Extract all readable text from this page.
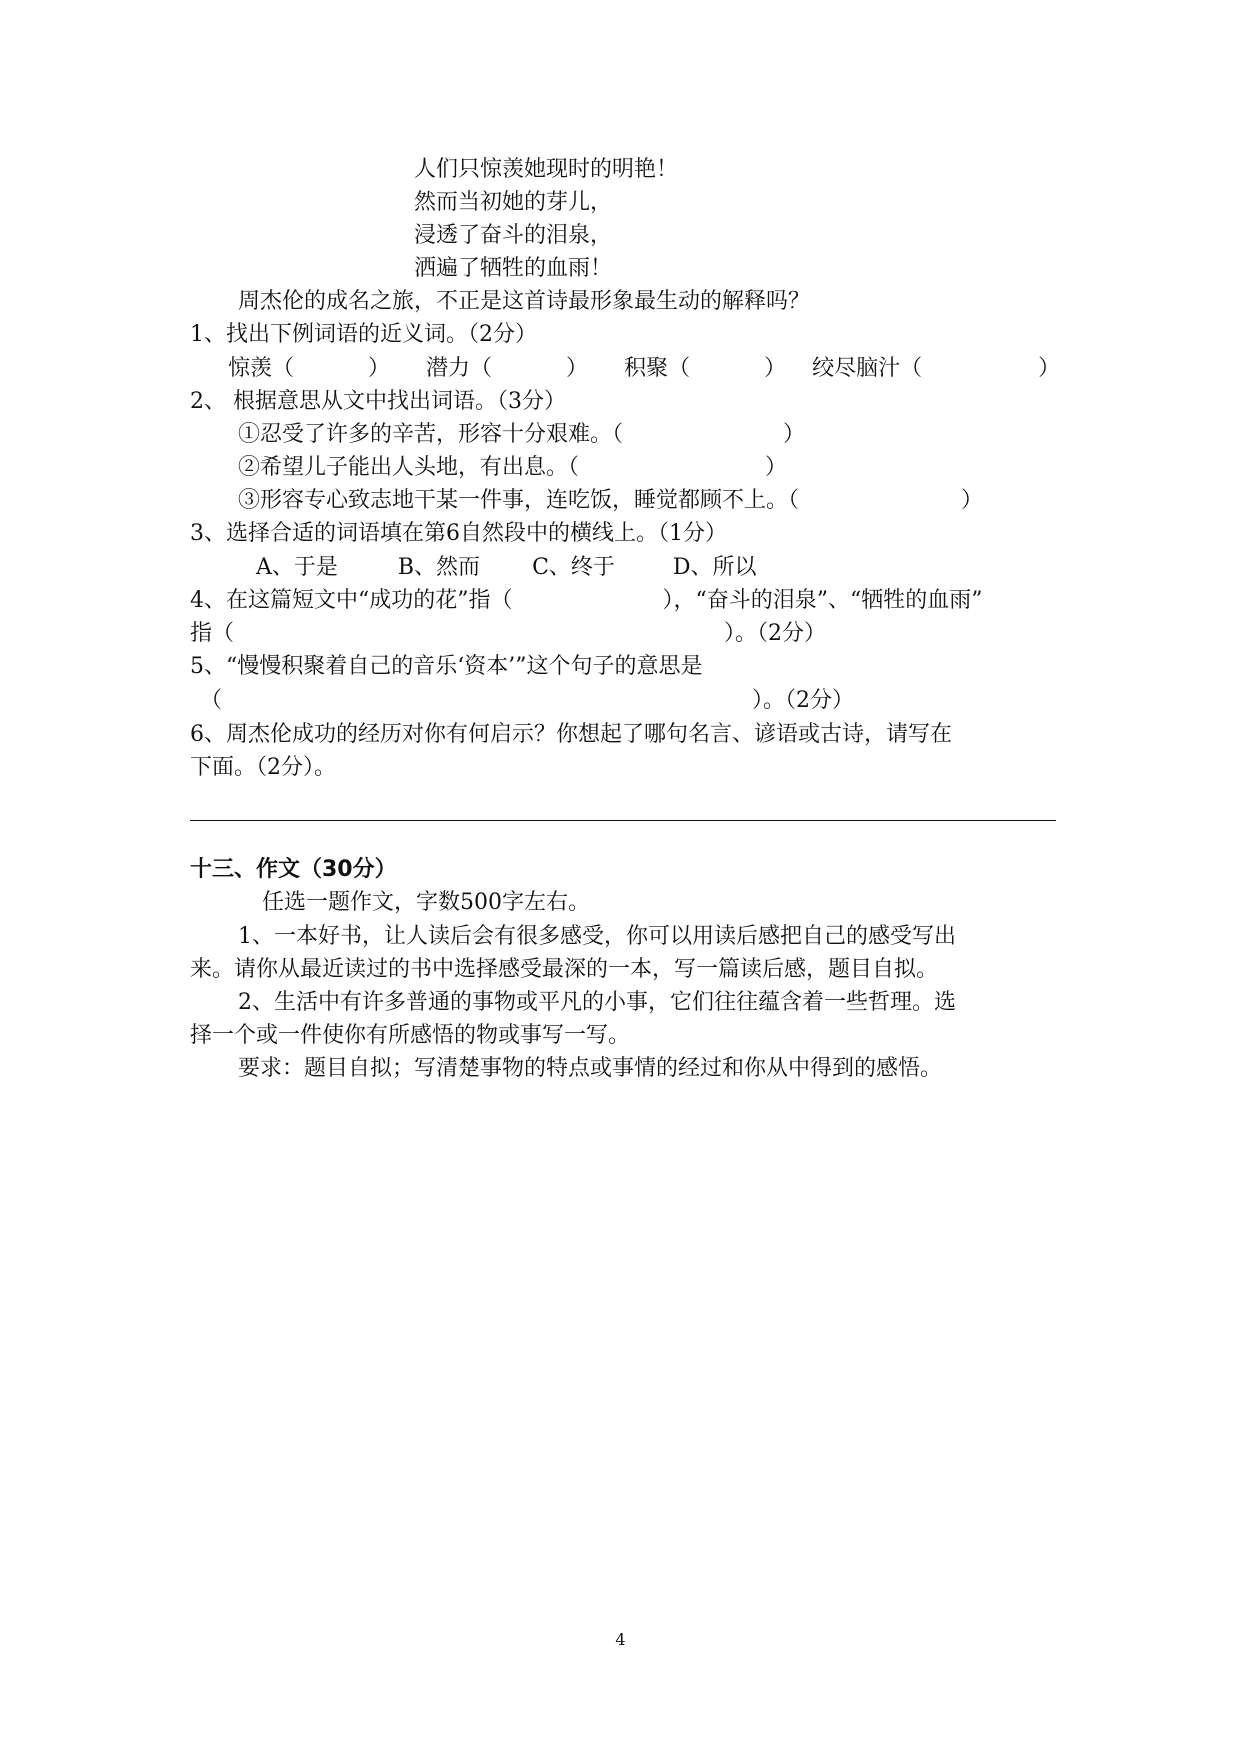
人们只惊羡她现时的明艳！
然而当初她的芽儿，
浸透了奋斗的泪泉，
洒遍了牺牲的血雨！
周杰伦的成名之旅，不正是这首诗最形象最生动的解释吗？
1、找出下例词语的近义词。（2分）
惊羡（	） 潜力（	） 积聚（	） 绞尽脑汁（	）
2、 根据意思从文中找出词语。（3分）
①忍受了许多的辛苦，形容十分艰难。（	）
②希望儿子能出人头地，有出息。（	）
③形容专心致志地干某一件事，连吃饭，睡觉都顾不上。（	）
3、选择合适的词语填在第6自然段中的横线上。（1分）
A、于是	B、然而 C、终于	D、所以
4、在这篇短文中“成功的花”指（	），“奋斗的泪泉”、“牺牲的血雨”
指（	）。（2分）
5、“慢慢积聚着自己的音乐‘资本’”这个句子的意思是
（	）。（2分）
6、周杰伦成功的经历对你有何启示？你想起了哪句名言、谚语或古诗，请写在
下面。（2分）。
十三、作文（30分）
任选一题作文，字数500字左右。
1、一本好书，让人读后会有很多感受，你可以用读后感把自己的感受写出
来。请你从最近读过的书中选择感受最深的一本，写一篇读后感，题目自拟。
2、生活中有许多普通的事物或平凡的小事，它们往往蕴含着一些哲理。选
择一个或一件使你有所感悟的物或事写一写。
要求：题目自拟；写清楚事物的特点或事情的经过和你从中得到的感悟。
4
